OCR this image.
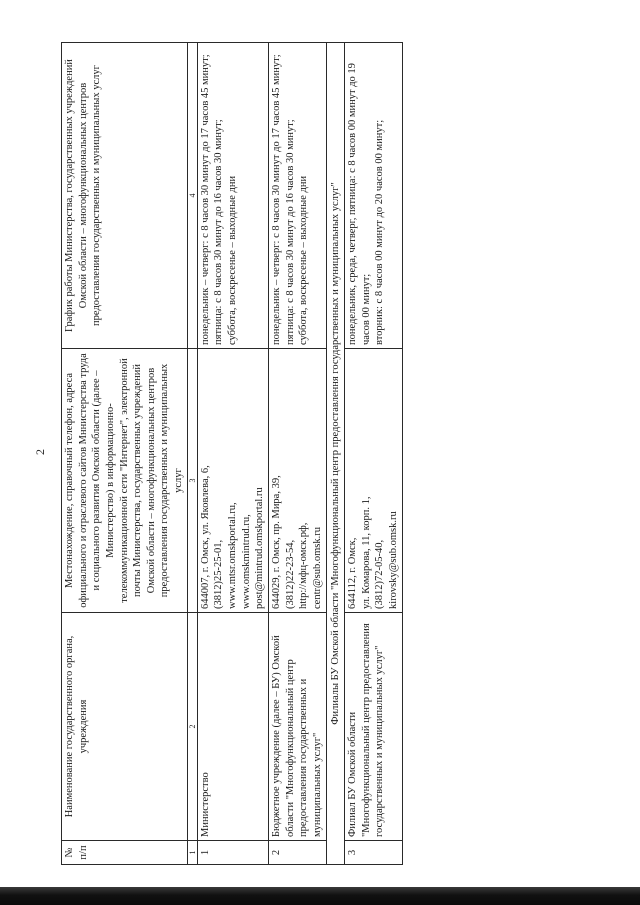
2
№ п/п	Наименование государственного органа, учреждения	Местонахождение, справочный телефон, адреса официального и отраслевого сайтов Мннистерства труда и социального развития Омской области (далее – Министерство) в информационно-телекоммуникационной сети "Интернет", электронной почты Министерства, государственных учреждений Омской области – многофункциональных центров предоставления государственных и муниципальных услуг	График работы Министерства, государственных учреждений Омской области – многофункциональных центров предоставления государственных и муниципальных услуг
1	2	3	4
1	Министерство	644007, г. Омск, ул. Яковлева, 6, (3812)25-25-01, www.mtsr.omskportal.ru, www.omskmintrud.ru, post@mintrud.omskportal.ru	понедельник – четверг: с 8 часов 30 минут до 17 часов 45 минут; пятница: с 8 часов 30 минут до 16 часов 30 минут; суббота, воскресенье – выходные дни

2	Бюджетное учреждение (далее – БУ) Омской области "Многофункциональный центр предоставления государственных и муниципальных услуг"	644029, г. Омск, пр. Мира, 39, (3812)22-23-54, http://мфц-омск.рф, centr@sub.omsk.ru	понедельник – четверг: с 8 часов 30 минут до 17 часов 45 минут; пятница: с 8 часов 30 минут до 16 часов 30 минут; суббота, воскресенье – выходные дни

Филиалы БУ Омской области "Многофункциональный центр предоставлення государственных и муниципальных услуг"			
3	Филиал БУ Омской области "Многофункциональный центр предоставления государственных и муниципальных услуг"	644112, г. Омск, ул. Комарова, 11, корп. 1, (3812)72-05-40, kirovsky@sub.omsk.ru	понедельник, среда, четверг, пятница: с 8 часов 00 минут до 19 часов 00 минут; вторник: с 8 часов 00 минут до 20 часов 00 минут;
